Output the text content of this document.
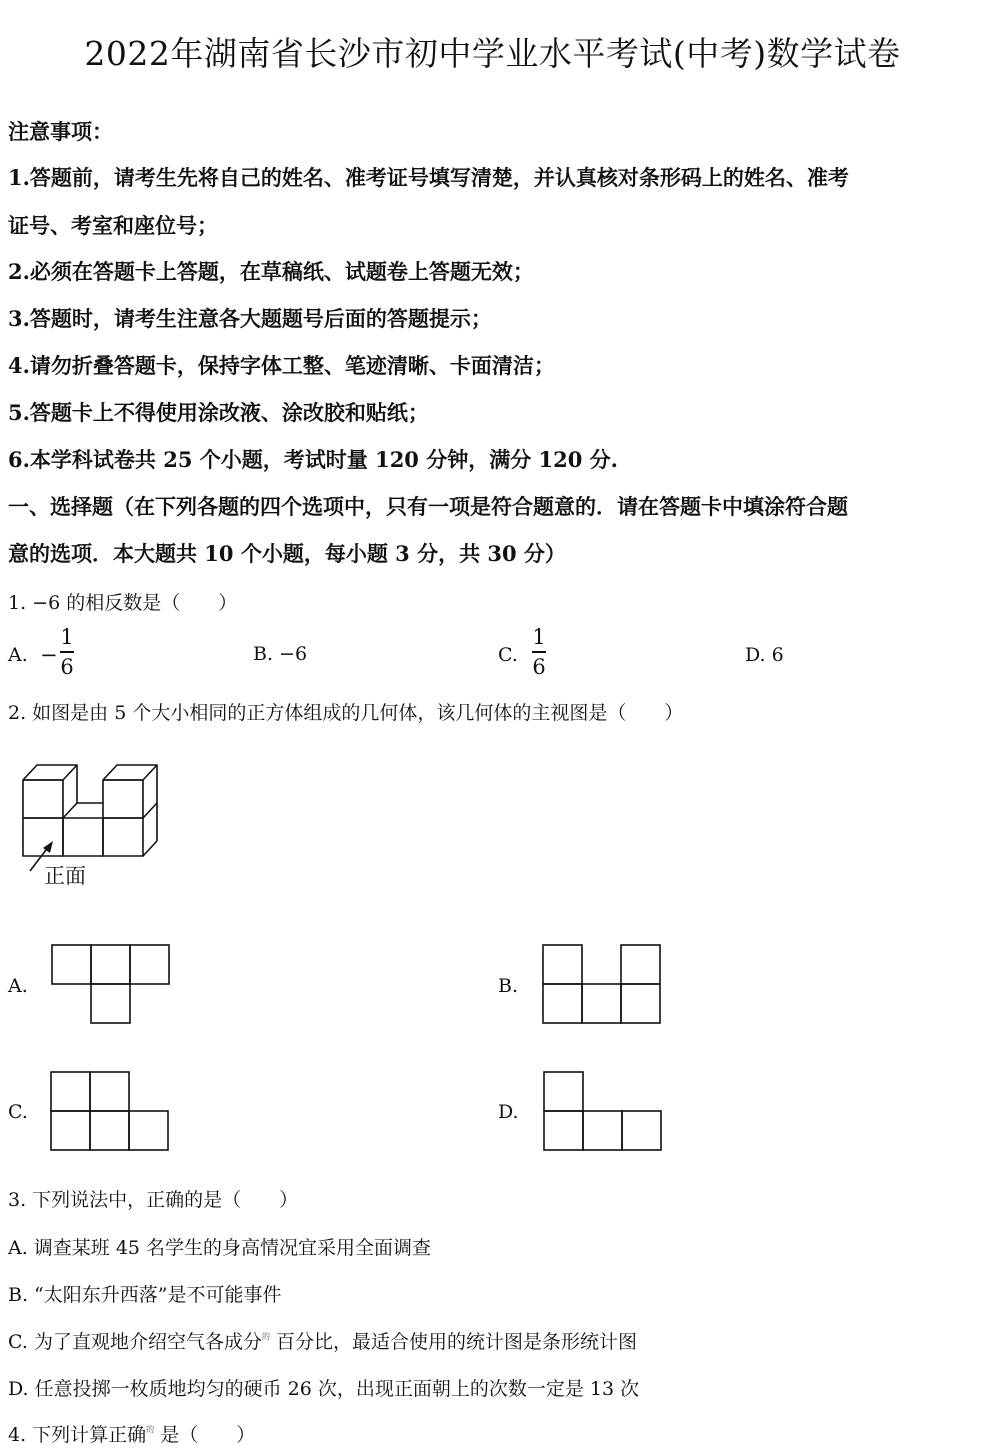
2022年湖南省长沙市初中学业水平考试(中考)数学试卷
注意事项：
1.答题前，请考生先将自己的姓名、准考证号填写清楚，并认真核对条形码上的姓名、准考
证号、考室和座位号；
2.必须在答题卡上答题，在草稿纸、试题卷上答题无效；
3.答题时，请考生注意各大题题号后面的答题提示；
4.请勿折叠答题卡，保持字体工整、笔迹清晰、卡面清洁；
5.答题卡上不得使用涂改液、涂改胶和贴纸；
6.本学科试卷共 25 个小题，考试时量 120 分钟，满分 120 分.
一、选择题（在下列各题的四个选项中，只有一项是符合题意的．请在答题卡中填涂符合题
意的选项．本大题共 10 个小题，每小题 3 分，共 30 分）
1. −6 的相反数是（　　）
A. −
1
6
B. −6	C.
1
6	D. 6
2. 如图是由 5 个大小相同的正方体组成的几何体，该几何体的主视图是（　　）
正面
A.	B.
C.	D.
3. 下列说法中，正确的是（　　）
A. 调查某班 45 名学生的身高情况宜采用全面调查
B. “太阳东升西落”是不可能事件
C. 为了直观地介绍空气各成分$^的$ 百分比，最适合使用的统计图是条形统计图
D. 任意投掷一枚质地均匀的硬币 26 次，出现正面朝上的次数一定是 13 次
4. 下列计算正确$^的$ 是（　　）
